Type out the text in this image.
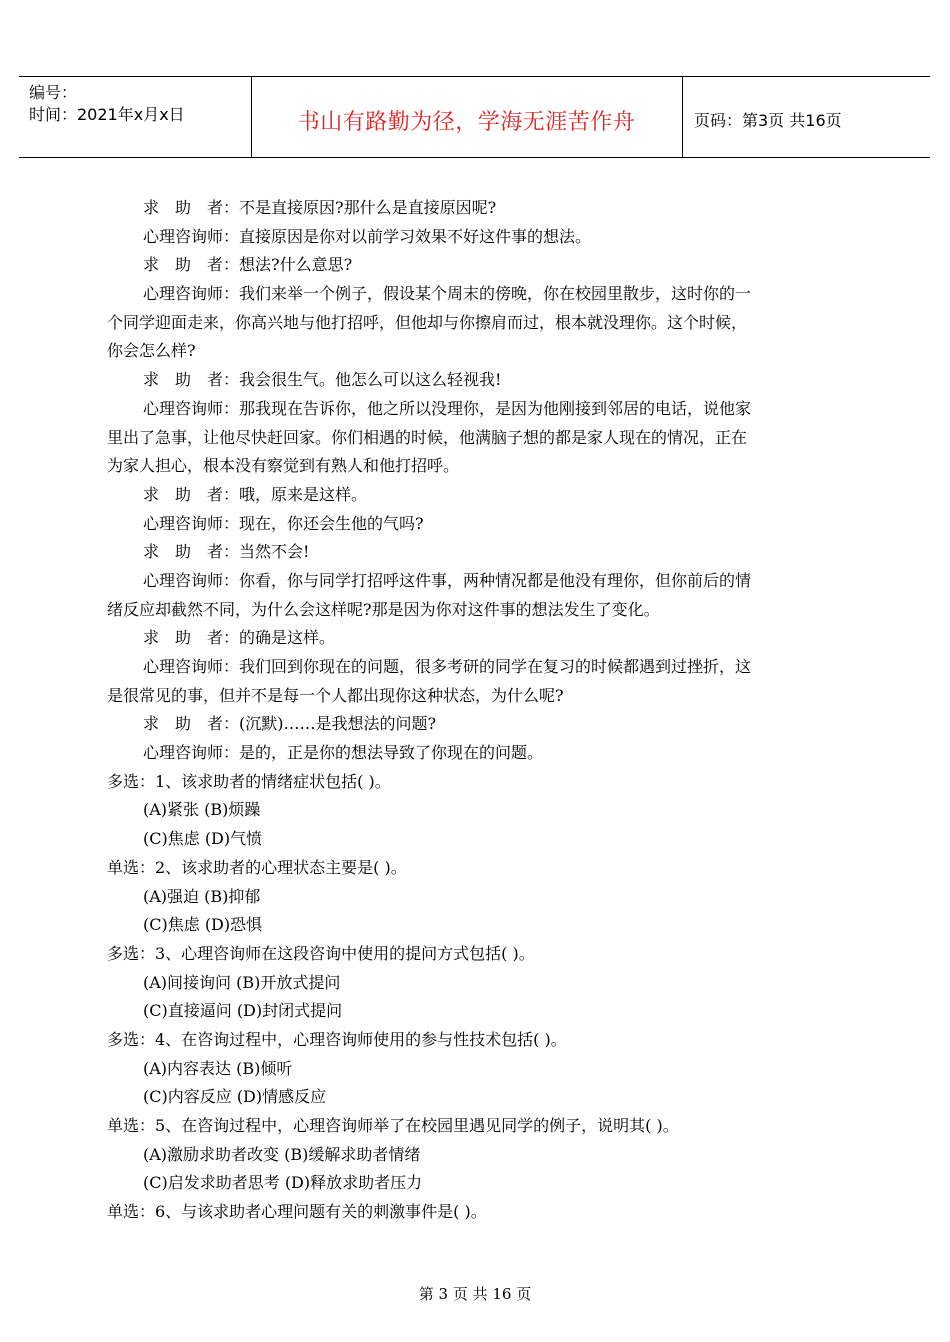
编号：
时间：2021年x月x日	书山有路勤为径，学海无涯苦作舟	页码：第3页 共16页
求　助　者：不是直接原因?那什么是直接原因呢?
心理咨询师：直接原因是你对以前学习效果不好这件事的想法。
求　助　者：想法?什么意思?
心理咨询师：我们来举一个例子，假设某个周末的傍晚，你在校园里散步，这时你的一
个同学迎面走来，你高兴地与他打招呼，但他却与你擦肩而过，根本就没理你。这个时候，
你会怎么样?
求　助　者：我会很生气。他怎么可以这么轻视我!
心理咨询师：那我现在告诉你，他之所以没理你，是因为他刚接到邻居的电话，说他家
里出了急事，让他尽快赶回家。你们相遇的时候，他满脑子想的都是家人现在的情况，正在
为家人担心，根本没有察觉到有熟人和他打招呼。
求　助　者：哦，原来是这样。
心理咨询师：现在，你还会生他的气吗?
求　助　者：当然不会!
心理咨询师：你看，你与同学打招呼这件事，两种情况都是他没有理你，但你前后的情
绪反应却截然不同，为什么会这样呢?那是因为你对这件事的想法发生了变化。
求　助　者：的确是这样。
心理咨询师：我们回到你现在的问题，很多考研的同学在复习的时候都遇到过挫折，这
是很常见的事，但并不是每一个人都出现你这种状态，为什么呢?
求　助　者：(沉默)……是我想法的问题?
心理咨询师：是的，正是你的想法导致了你现在的问题。
多选：1、该求助者的情绪症状包括( )。
(A)紧张 (B)烦躁
(C)焦虑 (D)气愤
单选：2、该求助者的心理状态主要是( )。
(A)强迫 (B)抑郁
(C)焦虑 (D)恐惧
多选：3、心理咨询师在这段咨询中使用的提问方式包括( )。
(A)间接询问 (B)开放式提问
(C)直接逼问 (D)封闭式提问
多选：4、在咨询过程中，心理咨询师使用的参与性技术包括( )。
(A)内容表达 (B)倾听
(C)内容反应 (D)情感反应
单选：5、在咨询过程中，心理咨询师举了在校园里遇见同学的例子，说明其( )。
(A)激励求助者改变 (B)缓解求助者情绪
(C)启发求助者思考 (D)释放求助者压力
单选：6、与该求助者心理问题有关的刺激事件是( )。
第 3 页 共 16 页
